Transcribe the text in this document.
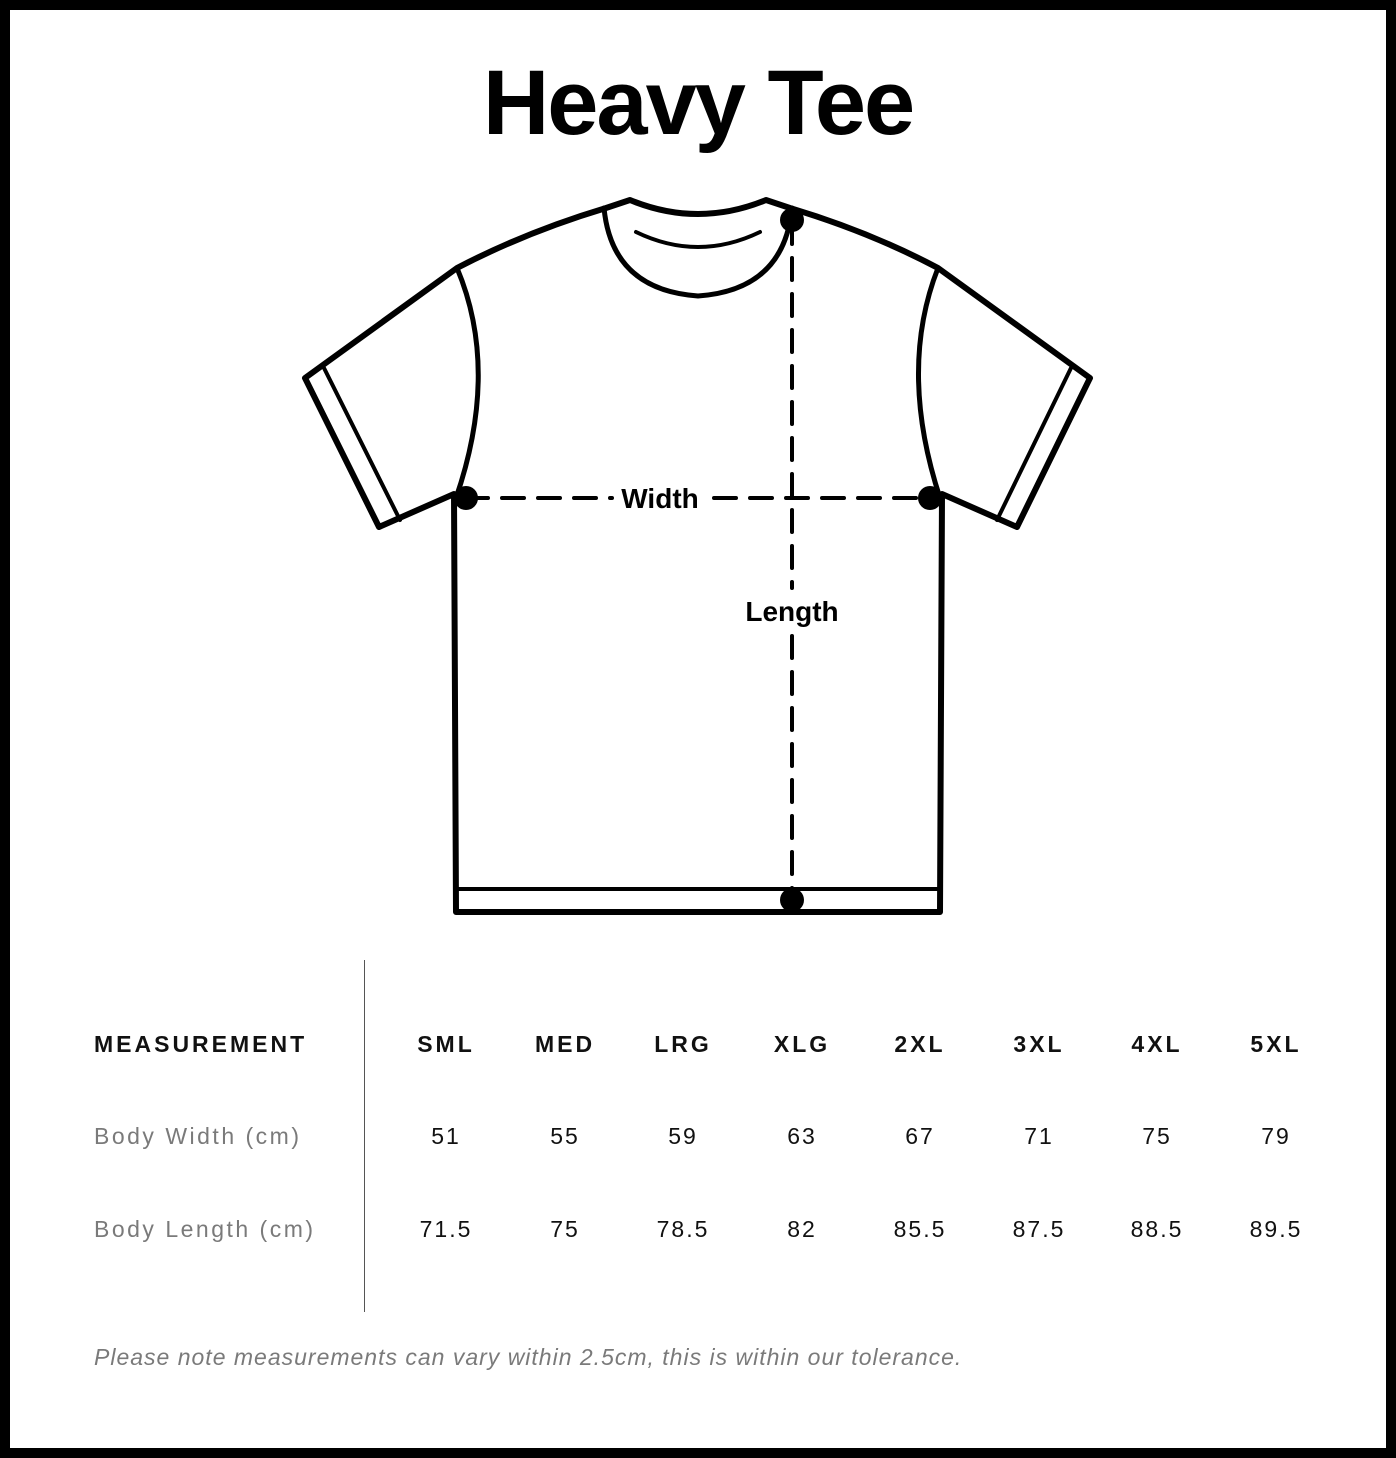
Heavy Tee
Width
Length
MEASUREMENT	SML	MED	LRG	XLG	2XL	3XL	4XL	5XL
Body Width (cm)	51	55	59	63	67	71	75	79
Body Length (cm)	71.5	75	78.5	82	85.5	87.5	88.5	89.5
Please note measurements can vary within 2.5cm, this is within our tolerance.
